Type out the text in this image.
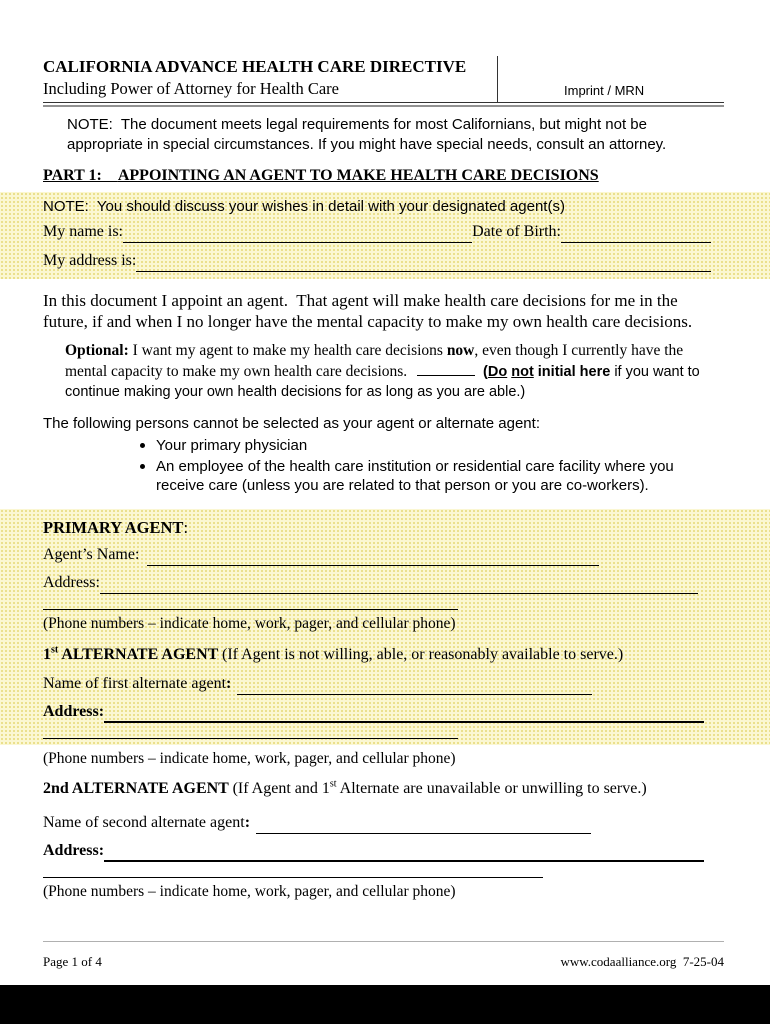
CALIFORNIA ADVANCE HEALTH CARE DIRECTIVE
Including Power of Attorney for Health Care	Imprint / MRN

NOTE:  The document meets legal requirements for most Californians, but might not be appropriate in special circumstances. If you might have special needs, consult an attorney.

PART 1:    APPOINTING AN AGENT TO MAKE HEALTH CARE DECISIONS
NOTE:  You should discuss your wishes in detail with your designated agent(s)
My name is:	Date of Birth:
My address is:

In this document I appoint an agent.  That agent will make health care decisions for me in the future, if and when I no longer have the mental capacity to make my own health care decisions.

Optional: I want my agent to make my health care decisions now, even though I currently have the mental capacity to make my own health care decisions.	(Do not initial here if you want to continue making your own health decisions for as long as you are able.)

The following persons cannot be selected as your agent or alternate agent:

Your primary physician
An employee of the health care institution or residential care facility where you receive care (unless you are related to that person or you are co-workers).
PRIMARY AGENT:
Agent’s Name:
Address:
(Phone numbers – indicate home, work, pager, and cellular phone)
1st ALTERNATE AGENT (If Agent is not willing, able, or reasonably available to serve.)
Name of first alternate agent :
Address :
(Phone numbers – indicate home, work, pager, and cellular phone)
2nd ALTERNATE AGENT (If Agent and 1st Alternate are unavailable or unwilling to serve.)
Name of second alternate agent :
Address :
(Phone numbers – indicate home, work, pager, and cellular phone)
Page 1 of 4	www.codaalliance.org  7-25-04
